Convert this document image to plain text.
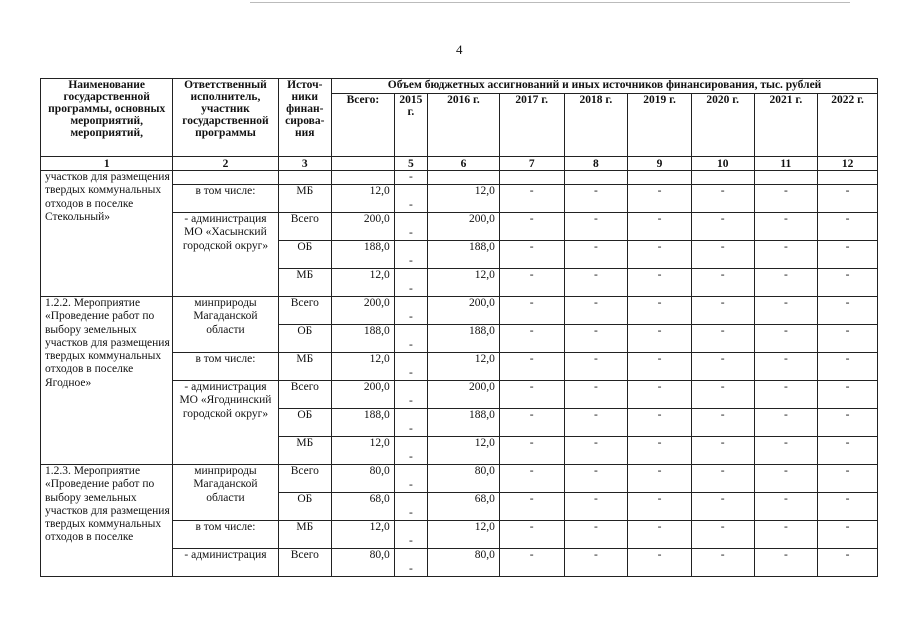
4
Наименование государственной программы, основных мероприятий, мероприятий,	Ответственный исполнитель, участник государственной программы	Источ-ники финан-сирова-ния	Объем бюджетных ассигнований и иных источников финансирования, тыс. рублей								
			Всего:	2015 г.	2016 г.	2017 г.	2018 г.	2019 г.	2020 г.	2021 г.	2022 г.
1	2	3		5	6	7	8	9	10	11	12
участков для размещения твердых коммунальных отходов в поселке Стекольный»				-							
	в том числе:	МБ	12,0	-	12,0	-	-	-	-	-	-
	- администрация МО «Хасынский городской округ»	Всего	200,0	-	200,0	-	-	-	-	-	-
		ОБ	188,0	-	188,0	-	-	-	-	-	-
		МБ	12,0	-	12,0	-	-	-	-	-	-
1.2.2. Мероприятие «Проведение работ по выбору земельных участков для размещения твердых коммунальных отходов в поселке Ягодное»	минприроды Магаданской области	Всего	200,0	-	200,0	-	-	-	-	-	-
		ОБ	188,0	-	188,0	-	-	-	-	-	-
	в том числе:	МБ	12,0	-	12,0	-	-	-	-	-	-
	- администрация МО «Ягоднинский городской округ»	Всего	200,0	-	200,0	-	-	-	-	-	-
		ОБ	188,0	-	188,0	-	-	-	-	-	-
		МБ	12,0	-	12,0	-	-	-	-	-	-
1.2.3. Мероприятие «Проведение работ по выбору земельных участков для размещения твердых коммунальных отходов в поселке	минприроды Магаданской области	Всего	80,0	-	80,0	-	-	-	-	-	-
		ОБ	68,0	-	68,0	-	-	-	-	-	-
	в том числе:	МБ	12,0	-	12,0	-	-	-	-	-	-
	- администрация	Всего	80,0	-	80,0	-	-	-	-	-	-
